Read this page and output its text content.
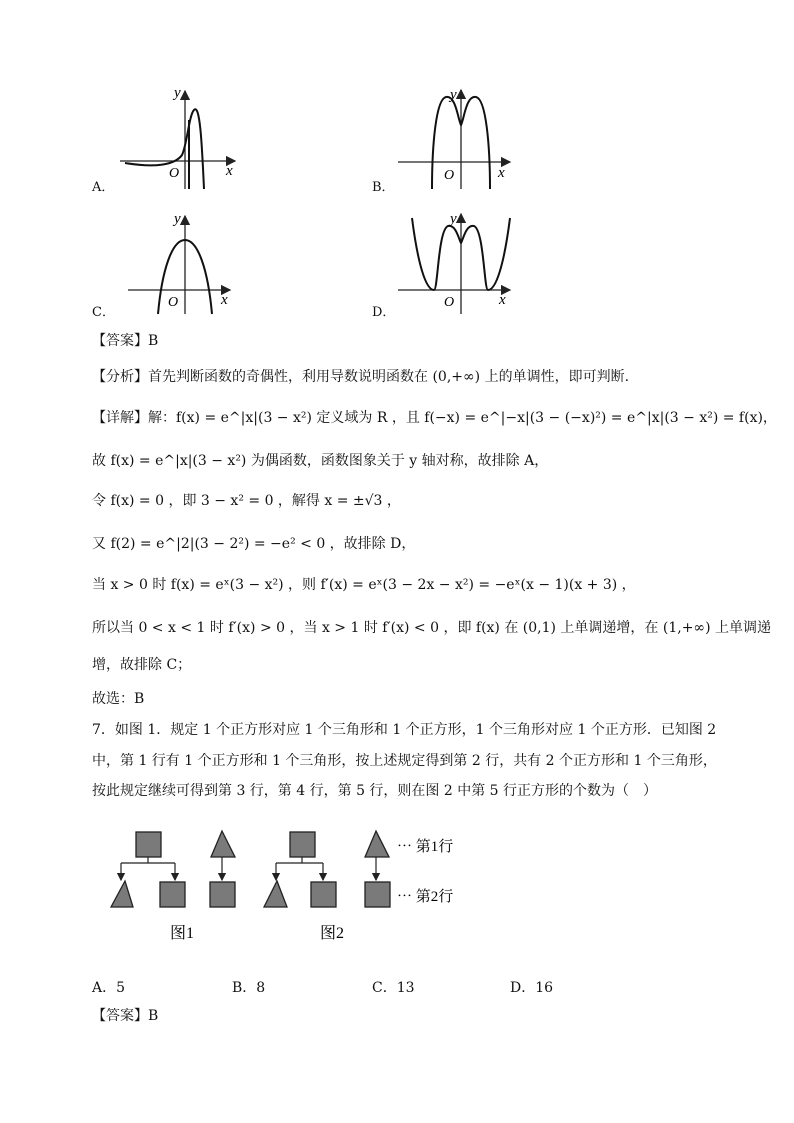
A．
y
x
O
B．
y
x
O
C．
y
x
O
D．
y
x
O
【答案】B
【分析】首先判断函数的奇偶性，利用导数说明函数在 (0,+∞) 上的单调性，即可判断.
【详解】解：f(x) = e^|x|(3 − x²) 定义域为 R ，且 f(−x) = e^|−x|(3 − (−x)²) = e^|x|(3 − x²) = f(x)，
故 f(x) = e^|x|(3 − x²) 为偶函数，函数图象关于 y 轴对称，故排除 A，
令 f(x) = 0 ，即 3 − x² = 0 ，解得 x = ±√3 ，
又 f(2) = e^|2|(3 − 2²) = −e² < 0 ，故排除 D，
当 x > 0 时 f(x) = eˣ(3 − x²) ，则 f′(x) = eˣ(3 − 2x − x²) = −eˣ(x − 1)(x + 3) ，
所以当 0 < x < 1 时 f′(x) > 0 ，当 x > 1 时 f′(x) < 0 ，即 f(x) 在 (0,1) 上单调递增，在 (1,+∞) 上单调递
增，故排除 C；
故选：B
7．如图 1．规定 1 个正方形对应 1 个三角形和 1 个正方形，1 个三角形对应 1 个正方形．已知图 2
中，第 1 行有 1 个正方形和 1 个三角形，按上述规定得到第 2 行，共有 2 个正方形和 1 个三角形，
按此规定继续可得到第 3 行，第 4 行，第 5 行，则在图 2 中第 5 行正方形的个数为（　）
图1	图2
⋯ 第1行
⋯ 第2行
A．5	B．8	C．13	D．16
【答案】B
